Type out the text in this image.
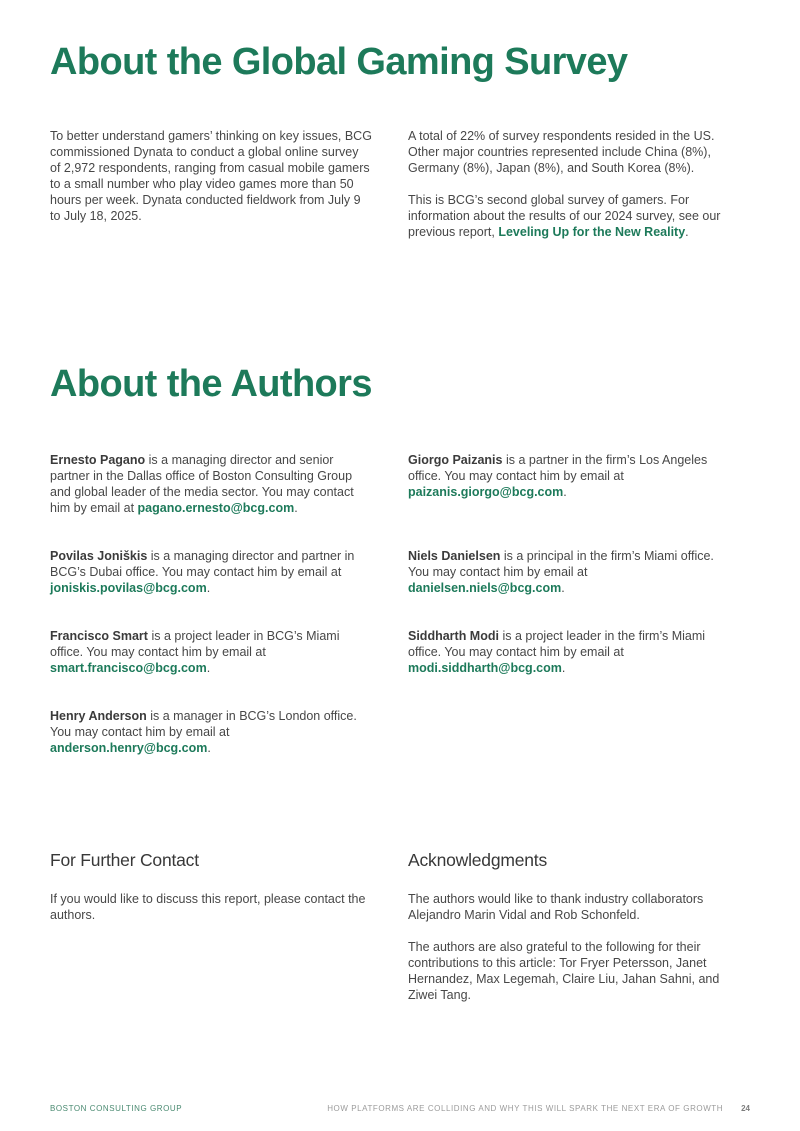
About the Global Gaming Survey

To better understand gamers’ thinking on key issues, BCG commissioned Dynata to conduct a global online survey of 2,972 respondents, ranging from casual mobile gamers to a small number who play video games more than 50 hours per week. Dynata conducted fieldwork from July 9 to July 18, 2025.

A total of 22% of survey respondents resided in the US. Other major countries represented include China (8%), Germany (8%), Japan (8%), and South Korea (8%).

This is BCG’s second global survey of gamers. For information about the results of our 2024 survey, see our previous report, Leveling Up for the New Reality.

About the Authors

Ernesto Pagano is a managing director and senior partner in the Dallas office of Boston Consulting Group and global leader of the media sector. You may contact him by email at pagano.ernesto@bcg.com.

Giorgo Paizanis is a partner in the firm’s Los Angeles office. You may contact him by email at paizanis.giorgo@bcg.com.

Povilas Joniškis is a managing director and partner in BCG’s Dubai office. You may contact him by email at joniskis.povilas@bcg.com.

Niels Danielsen is a principal in the firm’s Miami office. You may contact him by email at danielsen.niels@bcg.com.

Francisco Smart is a project leader in BCG’s Miami office. You may contact him by email at smart.francisco@bcg.com.

Siddharth Modi is a project leader in the firm’s Miami office. You may contact him by email at modi.siddharth@bcg.com.

Henry Anderson is a manager in BCG’s London office. You may contact him by email at anderson.henry@bcg.com.

For Further Contact

If you would like to discuss this report, please contact the authors.

Acknowledgments

The authors would like to thank industry collaborators Alejandro Marin Vidal and Rob Schonfeld.

The authors are also grateful to the following for their contributions to this article: Tor Fryer Petersson, Janet Hernandez, Max Legemah, Claire Liu, Jahan Sahni, and Ziwei Tang.

BOSTON CONSULTING GROUP	HOW PLATFORMS ARE COLLIDING AND WHY THIS WILL SPARK THE NEXT ERA OF GROWTH 24
